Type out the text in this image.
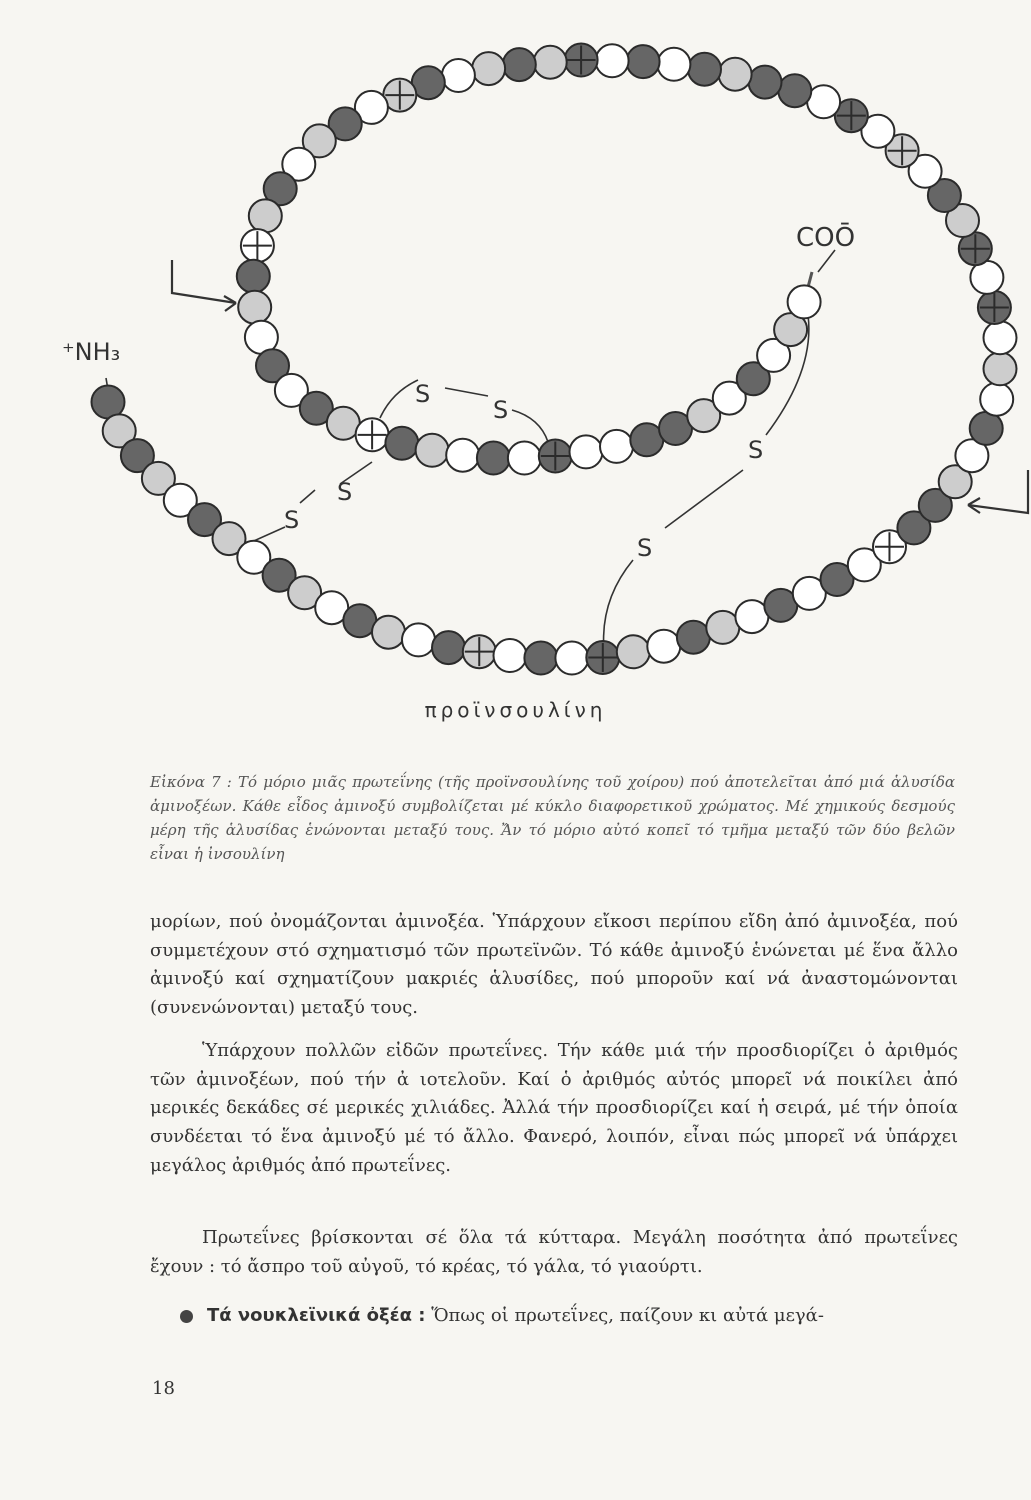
⁺NH₃
COŌ
S
S
S
S
S
S
προϊνσουλίνη

Εἰκόνα 7 : Τό μόριο μιᾶς πρωτεΐνης (τῆς προϊνσουλίνης τοῦ χοίρου) πού ἀποτελεῖται ἀπό μιά ἁλυσίδα ἀμινοξέων. Κάθε εἶδος ἀμινοξύ συμβολίζεται μέ κύκλο διαφορετικοῦ χρώματος. Μέ χημικούς δεσμούς μέρη τῆς ἁλυσίδας ἑνώνονται μεταξύ τους. Ἄν τό μόριο αὐτό κοπεῖ τό τμῆμα μεταξύ τῶν δύο βελῶν εἶναι ἡ ἰνσουλίνη

μορίων, πού ὀνομάζονται ἀμινοξέα. Ὑπάρχουν εἴκοσι περίπου εἴδη ἀπό ἀμινοξέα, πού συμμετέχουν στό σχηματισμό τῶν πρωτεϊνῶν. Τό κάθε ἀμινοξύ ἑνώνεται μέ ἕνα ἄλλο ἀμινοξύ καί σχηματίζουν μακριές ἁλυσίδες, πού μποροῦν καί νά ἀναστομώνονται (συνενώνονται) μεταξύ τους.

Ὑπάρχουν πολλῶν εἰδῶν πρωτεΐνες. Τήν κάθε μιά τήν προσδιορίζει ὁ ἀριθμός τῶν ἀμινοξέων, πού τήν ἀ ιοτελοῦν. Καί ὁ ἀριθμός αὐτός μπορεῖ νά ποικίλει ἀπό μερικές δεκάδες σέ μερικές χιλιάδες. Ἀλλά τήν προσδιορίζει καί ἡ σειρά, μέ τήν ὁποία συνδέεται τό ἕνα ἀμινοξύ μέ τό ἄλλο. Φανερό, λοιπόν, εἶναι πώς μπορεῖ νά ὑπάρχει μεγάλος ἀριθμός ἀπό πρωτεΐνες.

Πρωτεΐνες βρίσκονται σέ ὅλα τά κύτταρα. Μεγάλη ποσότητα ἀπό πρωτεΐνες ἔχουν : τό ἄσπρο τοῦ αὐγοῦ, τό κρέας, τό γάλα, τό γιαούρτι.

Τά νουκλεϊνικά ὀξέα : Ὅπως οἱ πρωτεΐνες, παίζουν κι αὐτά μεγά-

18
